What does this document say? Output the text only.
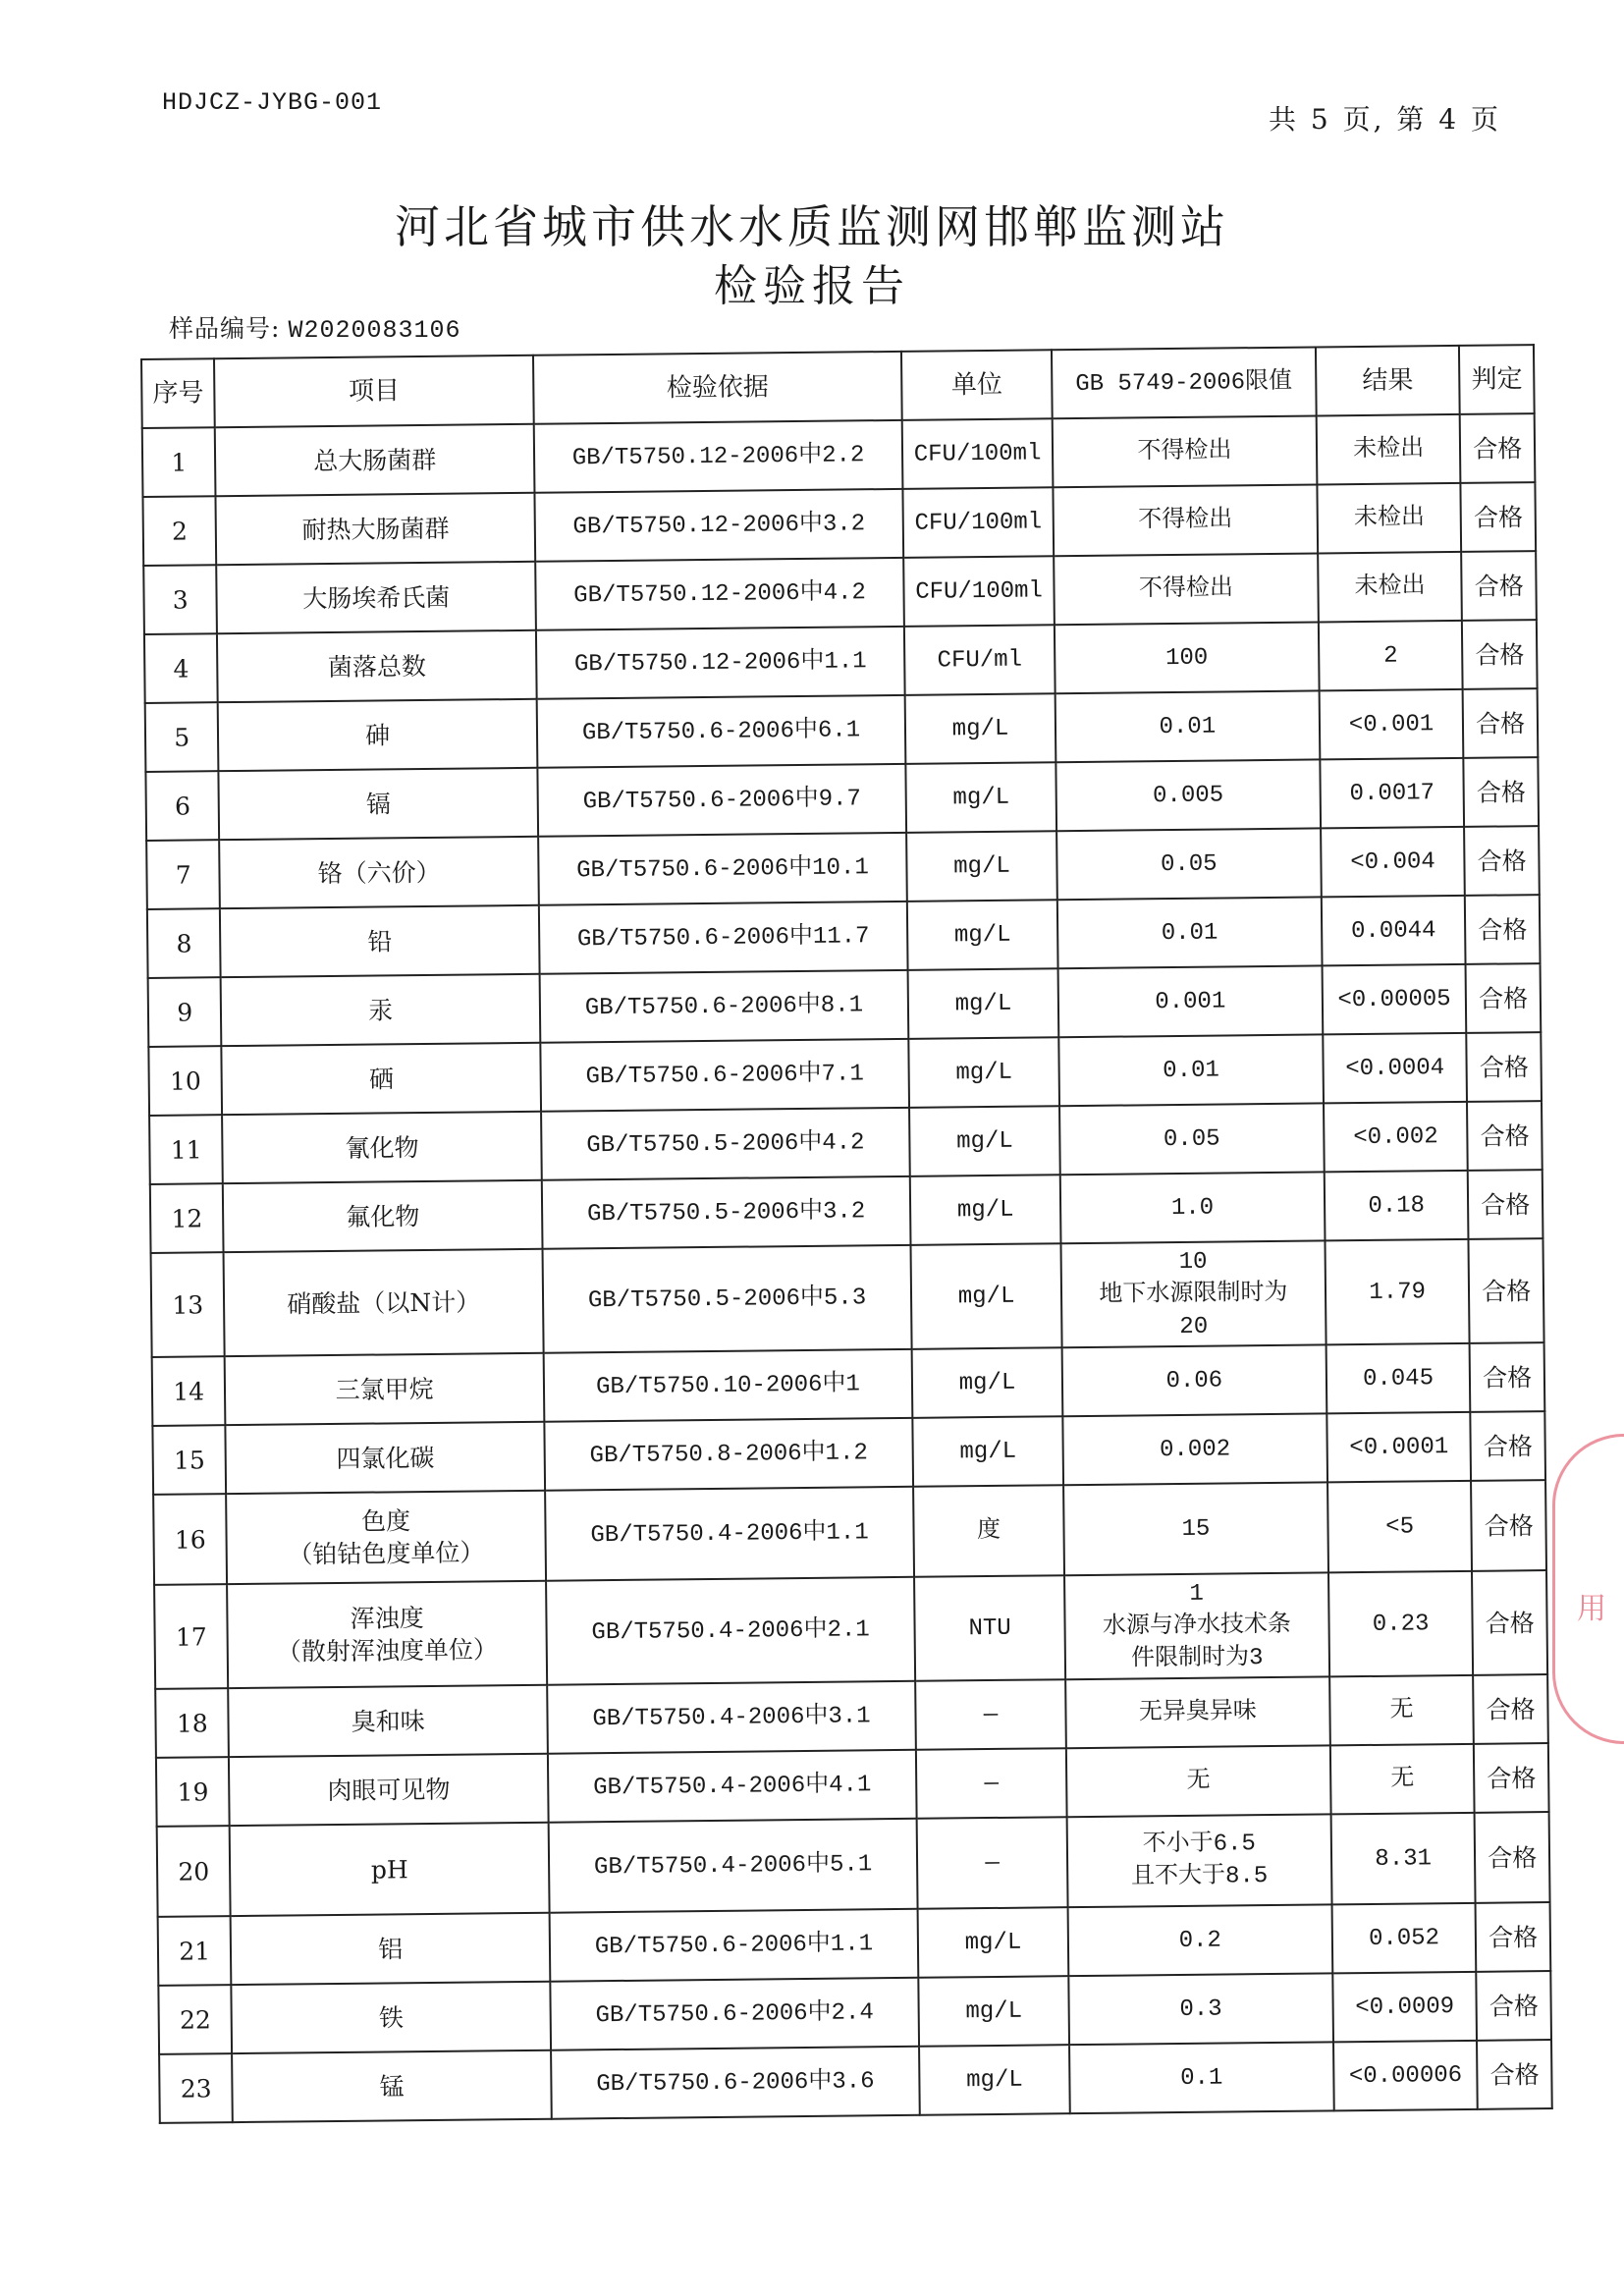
HDJCZ-JYBG-001
共 5 页, 第 4 页
河北省城市供水水质监测网邯郸监测站
检验报告
样品编号: W2020083106
序号	项目	检验依据	单位	GB 5749-2006限值	结果	判定
1	总大肠菌群	GB/T5750.12-2006中2.2	CFU/100ml	不得检出	未检出	合格
2	耐热大肠菌群	GB/T5750.12-2006中3.2	CFU/100ml	不得检出	未检出	合格
3	大肠埃希氏菌	GB/T5750.12-2006中4.2	CFU/100ml	不得检出	未检出	合格
4	菌落总数	GB/T5750.12-2006中1.1	CFU/ml	100	2	合格
5	砷	GB/T5750.6-2006中6.1	mg/L	0.01	<0.001	合格
6	镉	GB/T5750.6-2006中9.7	mg/L	0.005	0.0017	合格
7	铬（六价）	GB/T5750.6-2006中10.1	mg/L	0.05	<0.004	合格
8	铅	GB/T5750.6-2006中11.7	mg/L	0.01	0.0044	合格
9	汞	GB/T5750.6-2006中8.1	mg/L	0.001	<0.00005	合格
10	硒	GB/T5750.6-2006中7.1	mg/L	0.01	<0.0004	合格
11	氰化物	GB/T5750.5-2006中4.2	mg/L	0.05	<0.002	合格
12	氟化物	GB/T5750.5-2006中3.2	mg/L	1.0	0.18	合格
13	硝酸盐（以N计）	GB/T5750.5-2006中5.3	mg/L	10
地下水源限制时为
20	1.79	合格
14	三氯甲烷	GB/T5750.10-2006中1	mg/L	0.06	0.045	合格
15	四氯化碳	GB/T5750.8-2006中1.2	mg/L	0.002	<0.0001	合格
16	色度
（铂钴色度单位）	GB/T5750.4-2006中1.1	度	15	<5	合格
17	浑浊度
（散射浑浊度单位）	GB/T5750.4-2006中2.1	NTU	1
水源与净水技术条
件限制时为3	0.23	合格
18	臭和味	GB/T5750.4-2006中3.1	—	无异臭异味	无	合格
19	肉眼可见物	GB/T5750.4-2006中4.1	—	无	无	合格
20	pH	GB/T5750.4-2006中5.1	—	不小于6.5
且不大于8.5	8.31	合格
21	铝	GB/T5750.6-2006中1.1	mg/L	0.2	0.052	合格
22	铁	GB/T5750.6-2006中2.4	mg/L	0.3	<0.0009	合格
23	锰	GB/T5750.6-2006中3.6	mg/L	0.1	<0.00006	合格
用
